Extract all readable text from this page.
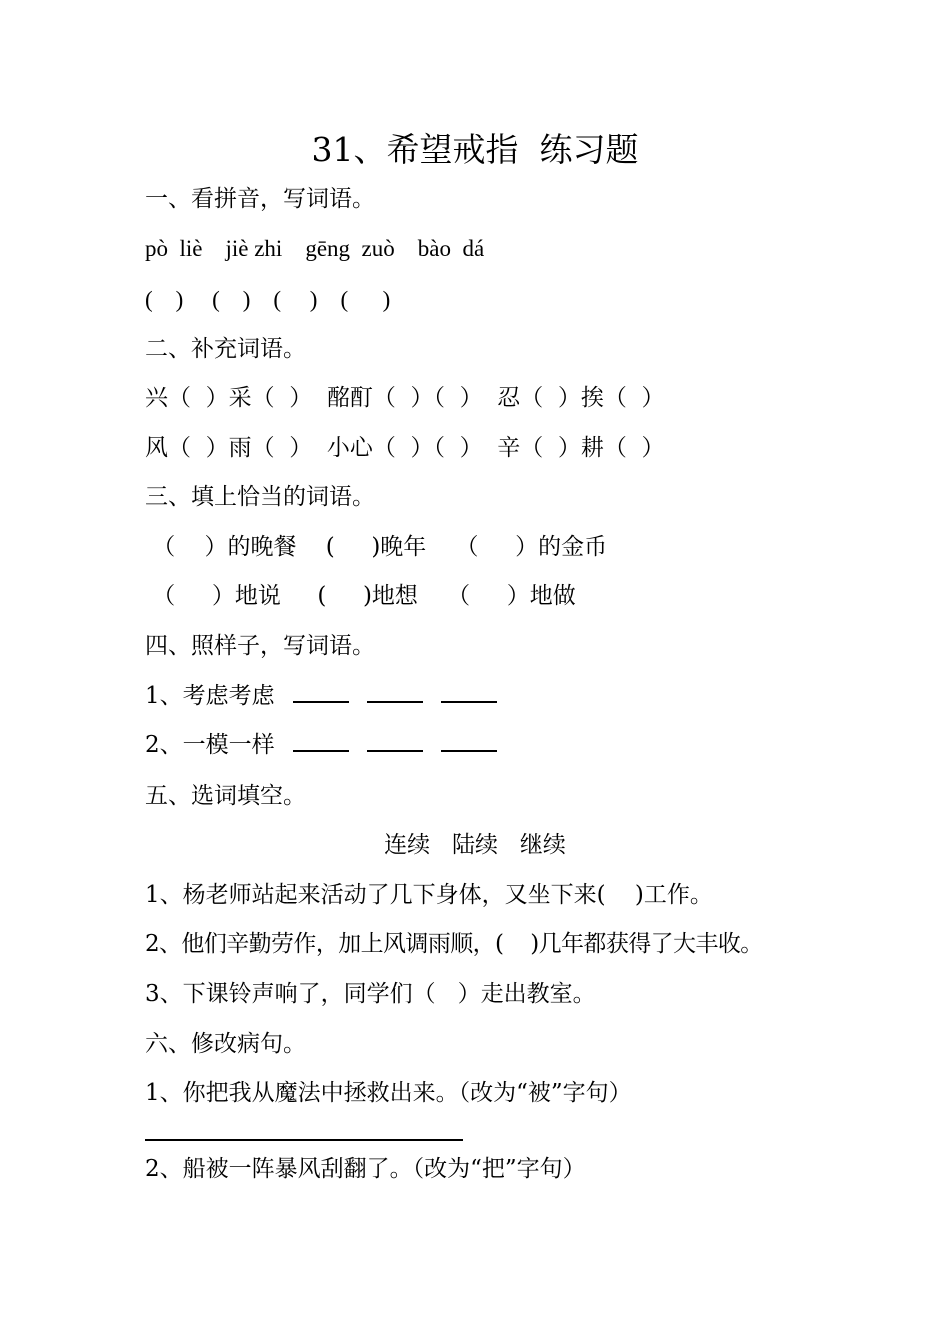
31、希望戒指  练习题
一、看拼音，写词语。
pò  liè    jiè zhi    gēng  zuò    bào  dá
(    )     (    )    (     )    (      )
二、补充词语。
兴（  ）采（  ）  酩酊（  ）（  ）  忍（  ）挨（  ）
风（  ）雨（  ）  小心（  ）（  ）  辛（  ）耕（  ）
三、填上恰当的词语。
（    ）的晚餐    (     )晚年    （     ）的金币
（     ）地说     (     )地想    （     ）地做
四、照样子，写词语。
1、考虑考虑
2、一模一样
五、选词填空。
连续   陆续   继续
1、杨老师站起来活动了几下身体，又坐下来(    )工作。
2、他们辛勤劳作，加上风调雨顺，(    )几年都获得了大丰收。
3、下课铃声响了，同学们（   ）走出教室。
六、修改病句。
1、你把我从魔法中拯救出来。（改为“被”字句）
2、船被一阵暴风刮翻了。（改为“把”字句）
